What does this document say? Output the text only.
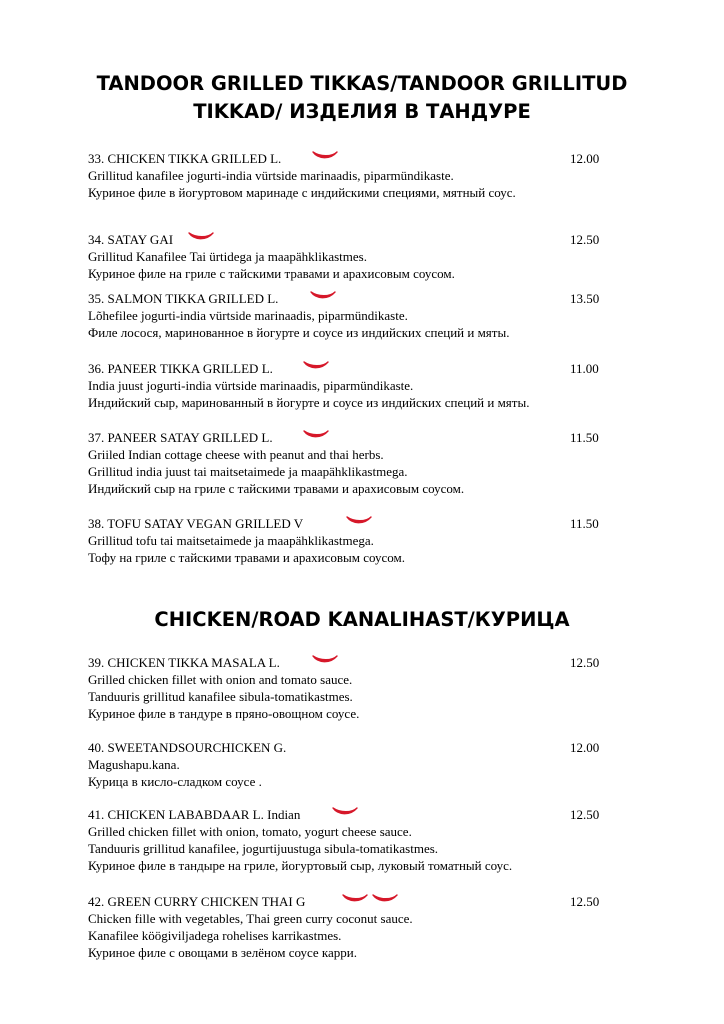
TANDOOR GRILLED TIKKAS/TANDOOR GRILLITUD
TIKKAD/ ИЗДЕЛИЯ В ТАНДУРЕ
CHICKEN/ROAD KANALIHAST/КУРИЦА
33. CHICKEN TIKKA GRILLED L.	12.00
Grillitud kanafilee jogurti-india vürtside marinaadis, piparmündikaste.
Куриное филе в йогуртовом маринаде с индийскими специями, мятный соус.
34. SATAY GAI	12.50
Grillitud Kanafilee Tai ürtidega ja maapähklikastmes.
Куриное филе на гриле с тайскими травами и арахисовым соусом.
35. SALMON TIKKA GRILLED L.	13.50
Lõhefilee jogurti-india vürtside marinaadis, piparmündikaste.
Филе лосося, маринованное в йогурте и соусе из индийских специй и мяты.
36. PANEER TIKKA GRILLED L.	11.00
India juust jogurti-india vürtside marinaadis, piparmündikaste.
Индийский сыр, маринованный в йогурте и соусе из индийских специй и мяты.
37. PANEER SATAY GRILLED L.	11.50
Griiled Indian cottage cheese with peanut and thai herbs.
Grillitud india juust tai maitsetaimede ja maapähklikastmega.
Индийский сыр на гриле с тайскими травами и арахисовым соусом.
38. TOFU SATAY VEGAN GRILLED V	11.50
Grillitud tofu tai maitsetaimede ja maapähklikastmega.
Тофу на гриле с тайскими травами и арахисовым соусом.
39. CHICKEN TIKKA MASALA L.	12.50
Grilled chicken fillet with onion and tomato sauce.
Tanduuris grillitud kanafilee sibula-tomatikastmes.
Куриное филе в тандуре в пряно-овощном соусе.
40. SWEETANDSOURCHICKEN G.	12.00
Magushapu.kana.
Курица в кисло-сладком соусе .
41. CHICKEN LABABDAAR L. Indian	12.50
Grilled chicken fillet with onion, tomato, yogurt cheese sauce.
Tanduuris grillitud kanafilee, jogurtijuustuga sibula-tomatikastmes.
Куриное филе в тандыре на гриле, йогуртовый сыр, луковый томатный соус.
42. GREEN CURRY CHICKEN THAI G	12.50
Chicken fille with vegetables, Thai green curry coconut sauce.
Kanafilee köögiviljadega rohelises karrikastmes.
Куриное филе с овощами в зелёном соусе карри.
